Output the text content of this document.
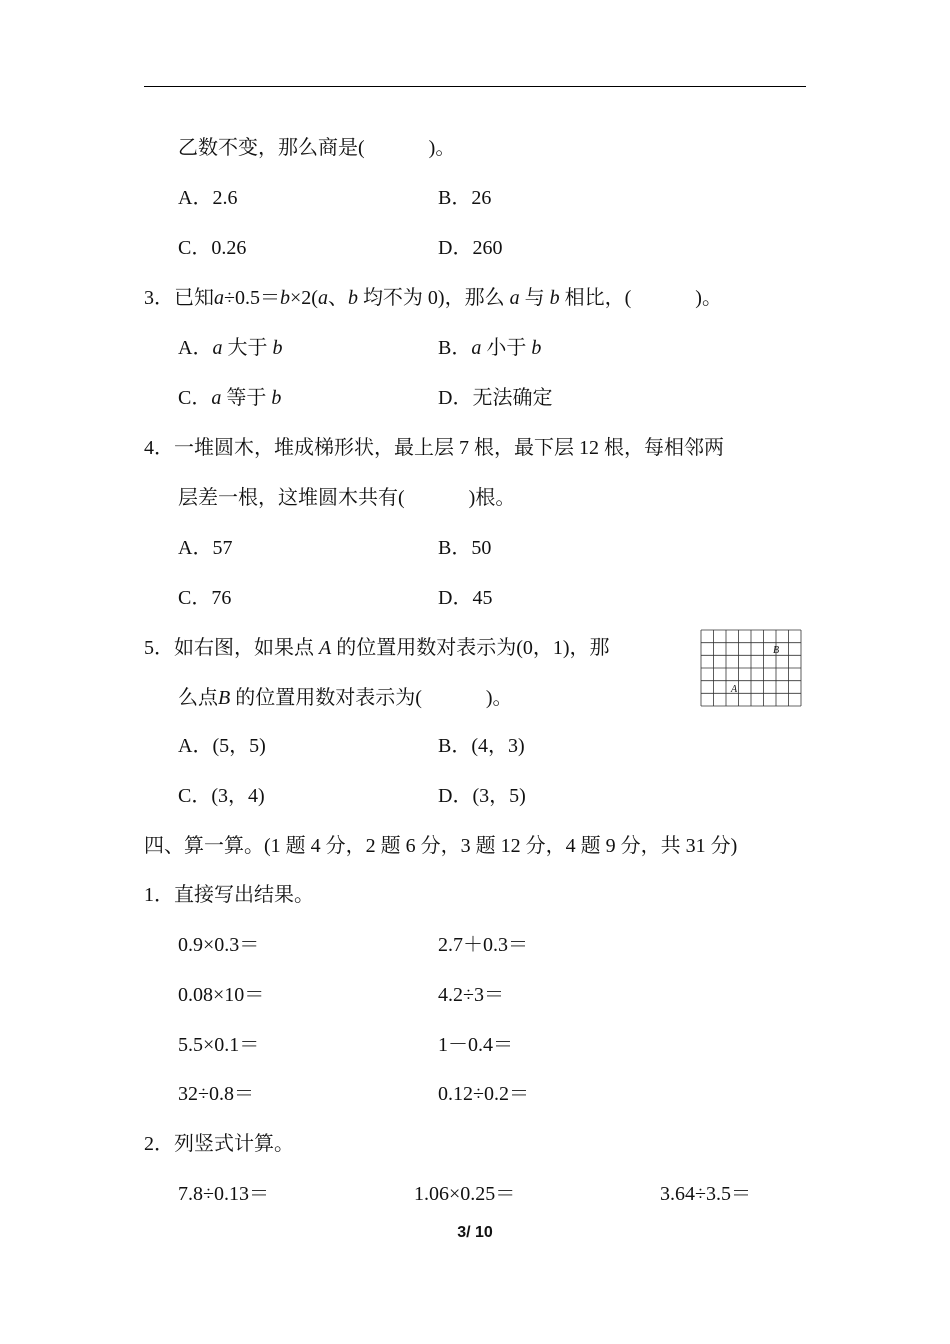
乙数不变，那么商是(	)。
A．2.6	B．26
C．0.26	D．260
3．已知a÷0.5＝b×2(a、b 均不为 0)，那么 a 与 b 相比，(	)。
A．a 大于 b	B．a 小于 b
C．a 等于 b	D．无法确定
4．一堆圆木，堆成梯形状，最上层 7 根，最下层 12 根，每相邻两
层差一根，这堆圆木共有(	)根。
A．57	B．50
C．76	D．45
5．如右图，如果点 A 的位置用数对表示为(0，1)，那
么点B 的位置用数对表示为(	)。	A
B
A．(5，5)	B．(4，3)
C．(3，4)	D．(3，5)
四、算一算。(1 题 4 分，2 题 6 分，3 题 12 分，4 题 9 分，共 31 分)
1．直接写出结果。
0.9×0.3＝	2.7＋0.3＝
0.08×10＝	4.2÷3＝
5.5×0.1＝	1－0.4＝
32÷0.8＝	0.12÷0.2＝
2．列竖式计算。
7.8÷0.13＝	1.06×0.25＝	3.64÷3.5＝
3/ 10
